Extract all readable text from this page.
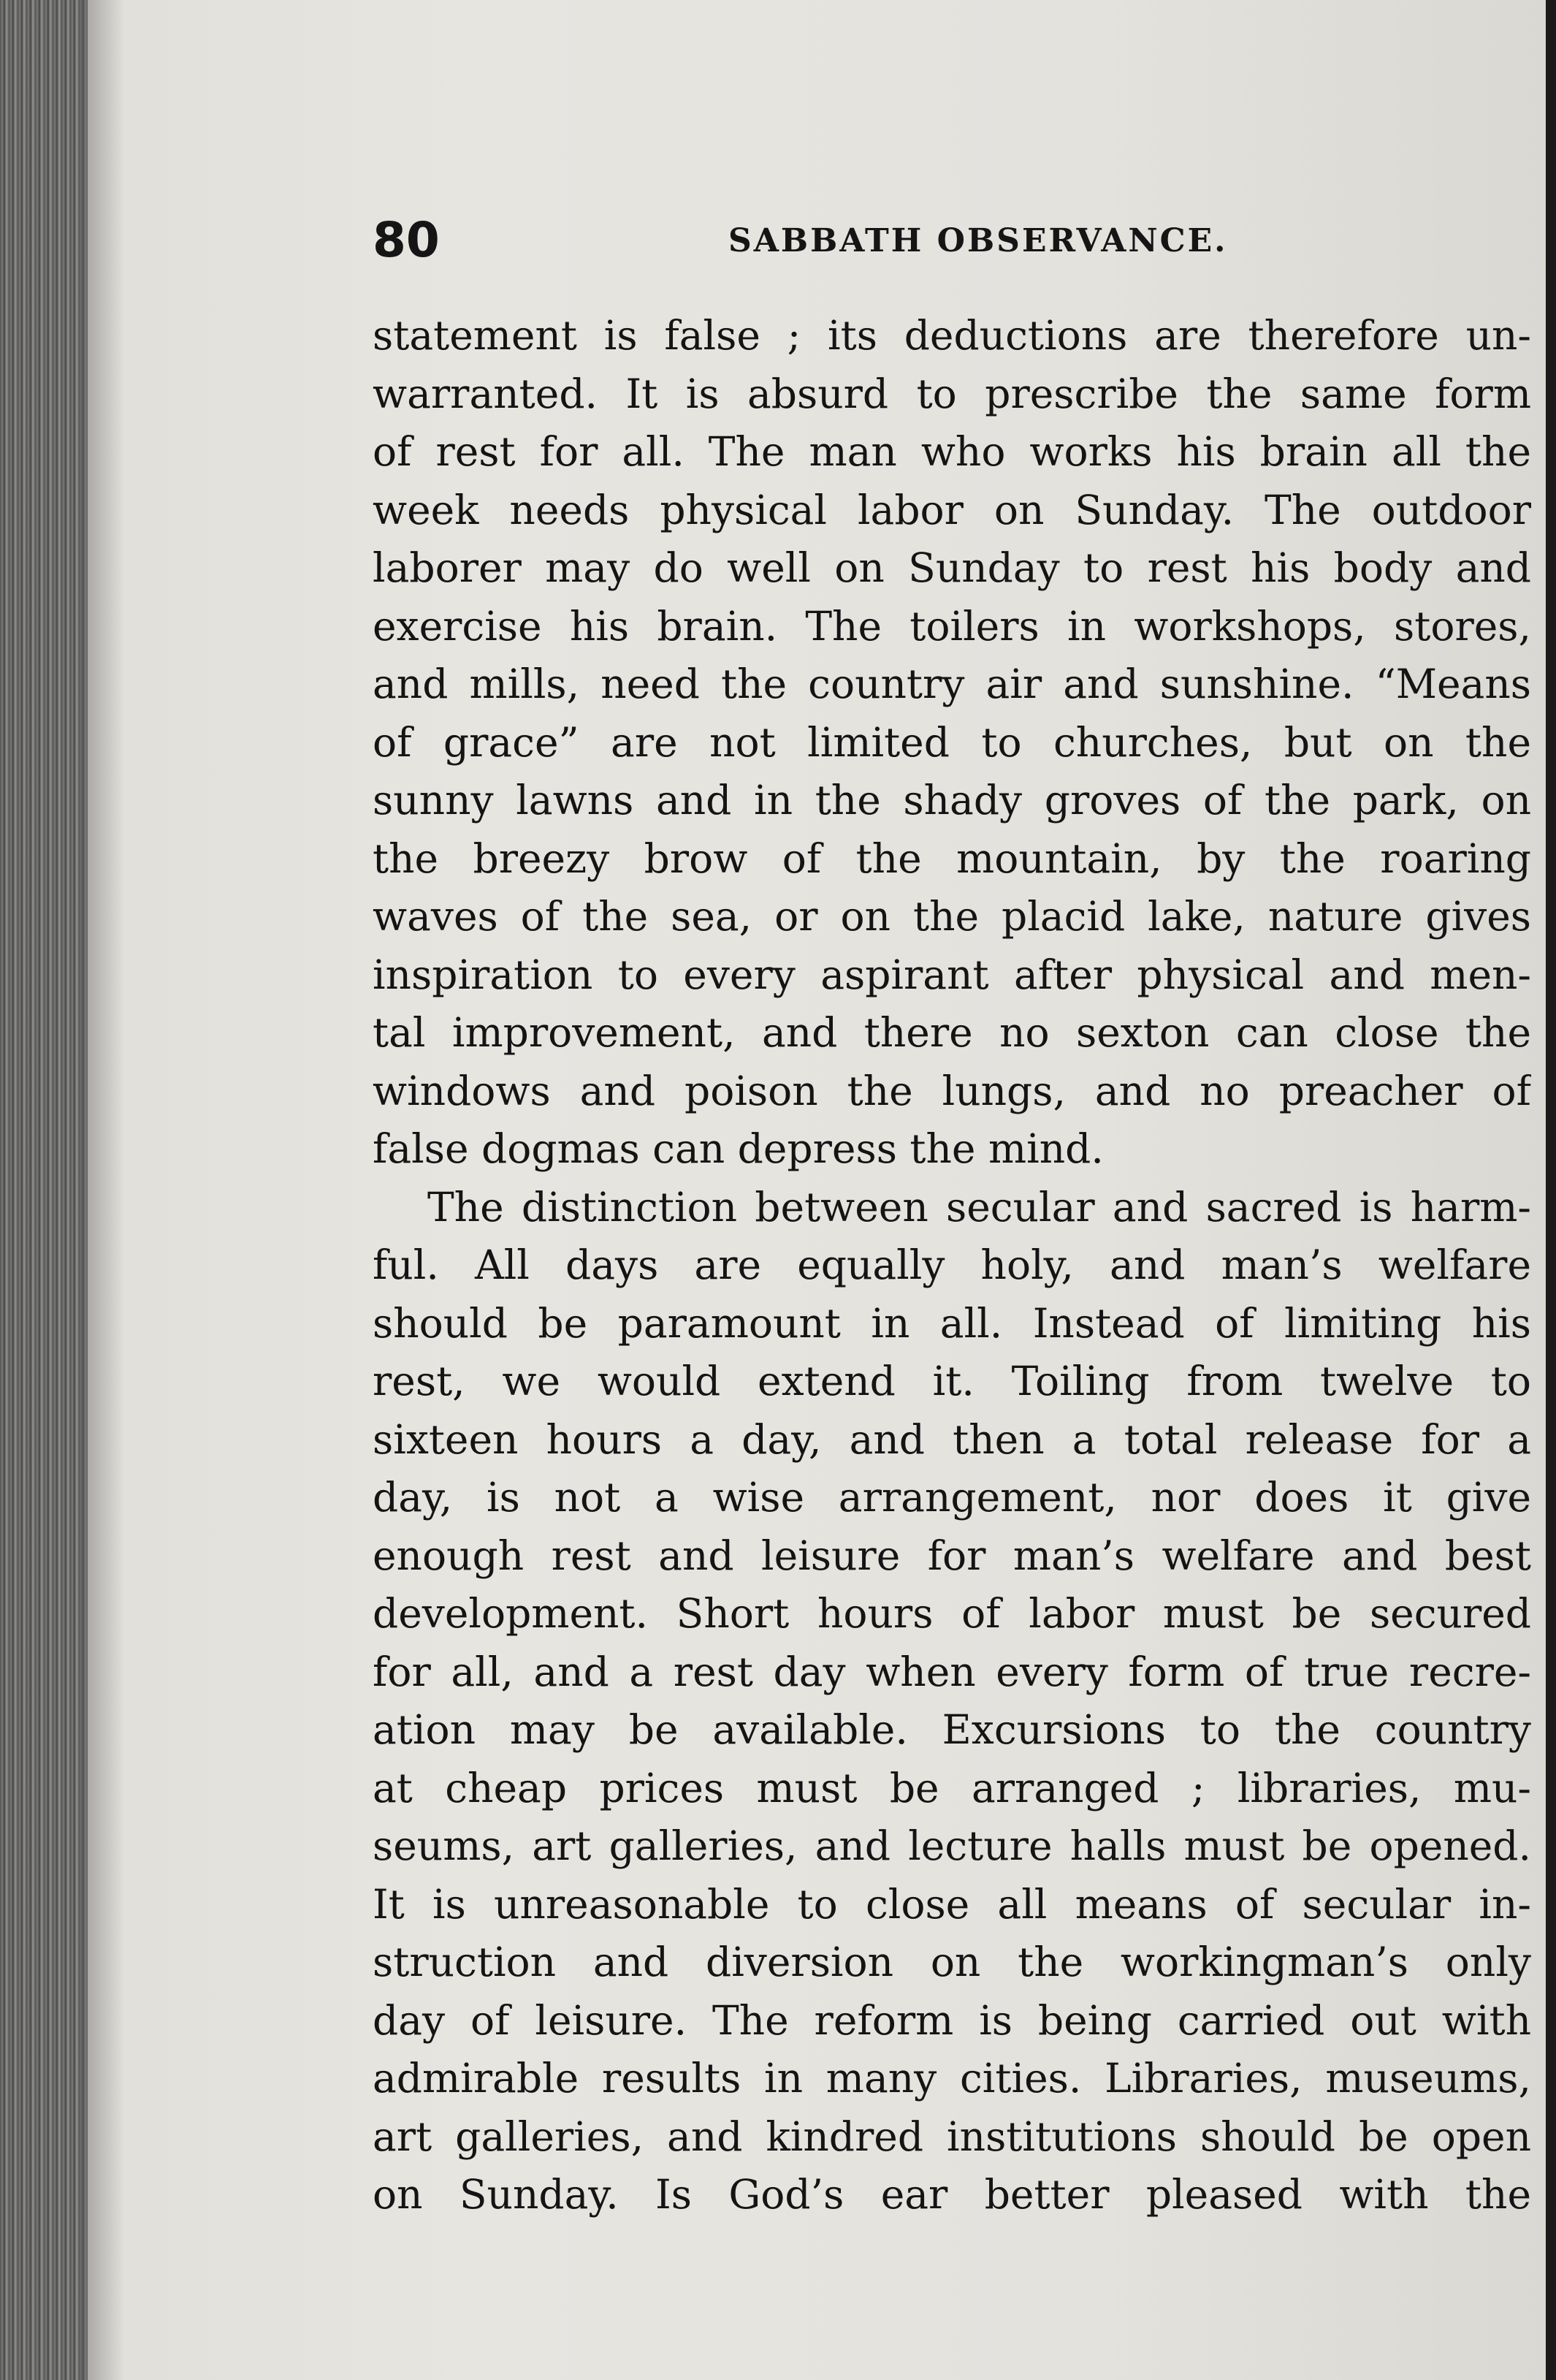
80	SABBATH OBSERVANCE.
statement is false ; its deductions are therefore un-
warranted. It is absurd to prescribe the same form
of rest for all. The man who works his brain all the
week needs physical labor on Sunday. The outdoor
laborer may do well on Sunday to rest his body and
exercise his brain. The toilers in workshops, stores,
and mills, need the country air and sunshine. “Means
of grace” are not limited to churches, but on the
sunny lawns and in the shady groves of the park, on
the breezy brow of the mountain, by the roaring
waves of the sea, or on the placid lake, nature gives
inspiration to every aspirant after physical and men-
tal improvement, and there no sexton can close the
windows and poison the lungs, and no preacher of
false dogmas can depress the mind.
The distinction between secular and sacred is harm-
ful. All days are equally holy, and man’s welfare
should be paramount in all. Instead of limiting his
rest, we would extend it. Toiling from twelve to
sixteen hours a day, and then a total release for a
day, is not a wise arrangement, nor does it give
enough rest and leisure for man’s welfare and best
development. Short hours of labor must be secured
for all, and a rest day when every form of true recre-
ation may be available. Excursions to the country
at cheap prices must be arranged ; libraries, mu-
seums, art galleries, and lecture halls must be opened.
It is unreasonable to close all means of secular in-
struction and diversion on the workingman’s only
day of leisure. The reform is being carried out with
admirable results in many cities. Libraries, museums,
art galleries, and kindred institutions should be open
on Sunday. Is God’s ear better pleased with the
